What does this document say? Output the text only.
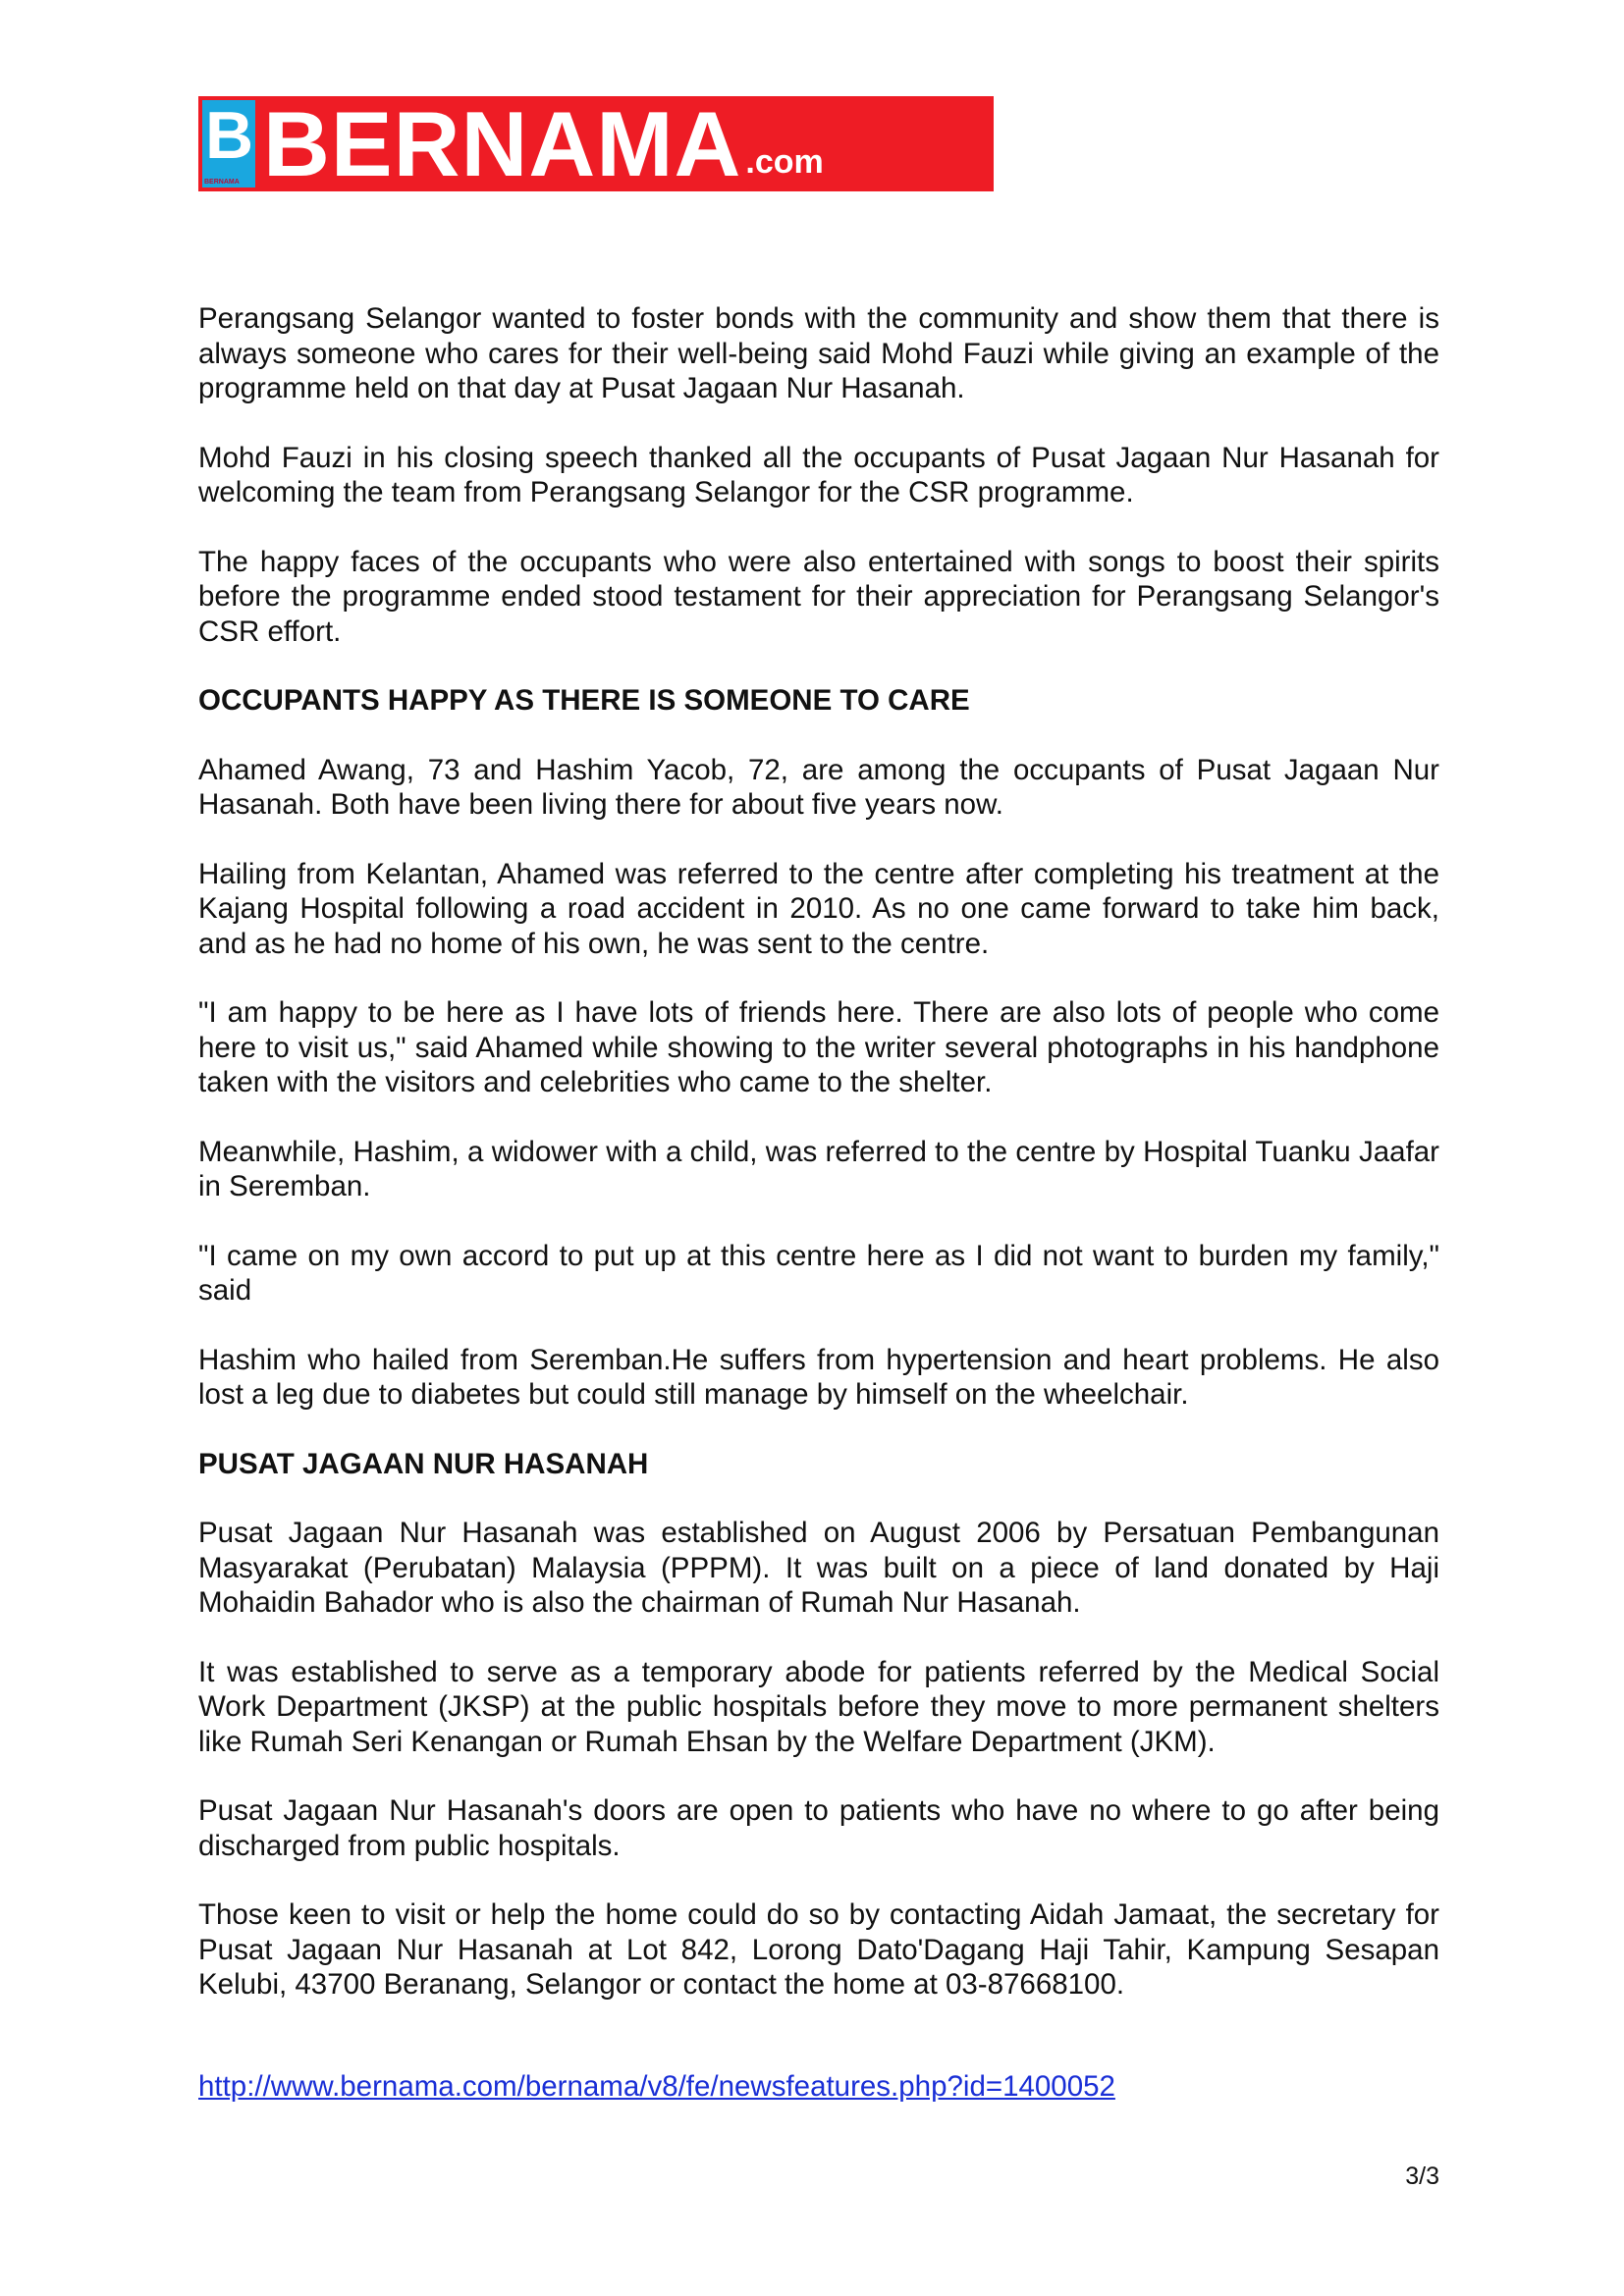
B
BERNAMA BERNAMA .com

Perangsang Selangor wanted to foster bonds with the community and show them that there is always someone who cares for their well-being said Mohd Fauzi while giving an example of the programme held on that day at Pusat Jagaan Nur Hasanah.

Mohd Fauzi in his closing speech thanked all the occupants of Pusat Jagaan Nur Hasanah for welcoming the team from Perangsang Selangor for the CSR programme.

The happy faces of the occupants who were also entertained with songs to boost their spirits before the programme ended stood testament for their appreciation for Perangsang Selangor's CSR effort.

OCCUPANTS HAPPY AS THERE IS SOMEONE TO CARE

Ahamed Awang, 73 and Hashim Yacob, 72, are among the occupants of Pusat Jagaan Nur Hasanah. Both have been living there for about five years now.

Hailing from Kelantan, Ahamed was referred to the centre after completing his treatment at the Kajang Hospital following a road accident in 2010. As no one came forward to take him back, and as he had no home of his own, he was sent to the centre.

"I am happy to be here as I have lots of friends here. There are also lots of people who come here to visit us," said Ahamed while showing to the writer several photographs in his handphone taken with the visitors and celebrities who came to the shelter.

Meanwhile, Hashim, a widower with a child, was referred to the centre by Hospital Tuanku Jaafar in Seremban.

"I came on my own accord to put up at this centre here as I did not want to burden my family," said

Hashim who hailed from Seremban.He suffers from hypertension and heart problems. He also lost a leg due to diabetes but could still manage by himself on the wheelchair.

PUSAT JAGAAN NUR HASANAH

Pusat Jagaan Nur Hasanah was established on August 2006 by Persatuan Pembangunan Masyarakat (Perubatan) Malaysia (PPPM). It was built on a piece of land donated by Haji Mohaidin Bahador who is also the chairman of Rumah Nur Hasanah.

It was established to serve as a temporary abode for patients referred by the Medical Social Work Department (JKSP) at the public hospitals before they move to more permanent shelters like Rumah Seri Kenangan or Rumah Ehsan by the Welfare Department (JKM).

Pusat Jagaan Nur Hasanah's doors are open to patients who have no where to go after being discharged from public hospitals.

Those keen to visit or help the home could do so by contacting Aidah Jamaat, the secretary for Pusat Jagaan Nur Hasanah at Lot 842, Lorong Dato'Dagang Haji Tahir, Kampung Sesapan Kelubi, 43700 Beranang, Selangor or contact the home at 03-87668100.

http://www.bernama.com/bernama/v8/fe/newsfeatures.php?id=1400052
3/3
